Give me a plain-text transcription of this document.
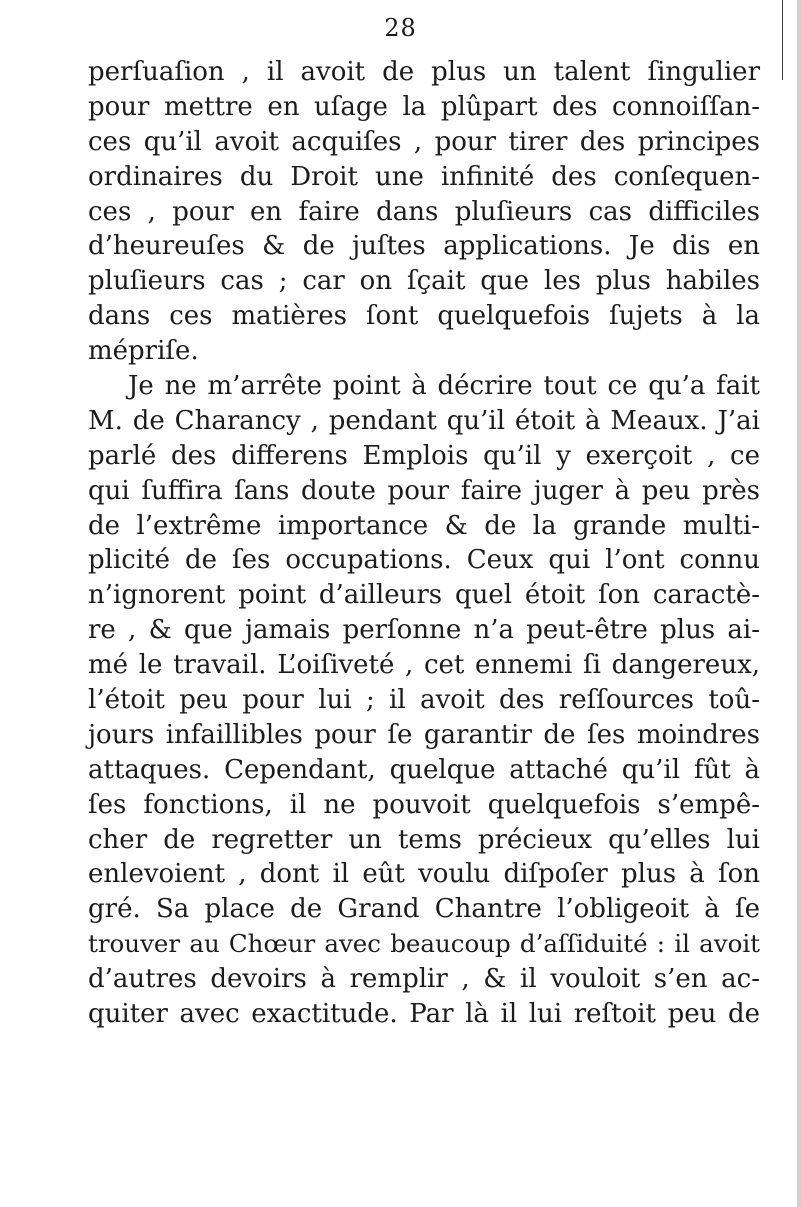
28
perſuaſion , il avoit de plus un talent ſingulier
pour mettre en uſage la plûpart des connoiſſan-
ces qu’il avoit acquiſes , pour tirer des principes
ordinaires du Droit une infinité des conſequen-
ces , pour en faire dans pluſieurs cas difficiles
d’heureuſes & de juſtes applications. Je dis en
pluſieurs cas ; car on ſçait que les plus habiles
dans ces matières ſont quelquefois ſujets à la
mépriſe.
Je ne m’arrête point à décrire tout ce qu’a fait
M. de Charancy , pendant qu’il étoit à Meaux. J’ai
parlé des differens Emplois qu’il y exerçoit , ce
qui ſuffira ſans doute pour faire juger à peu près
de l’extrême importance & de la grande multi-
plicité de ſes occupations. Ceux qui l’ont connu
n’ignorent point d’ailleurs quel étoit ſon caractè-
re , & que jamais perſonne n’a peut-être plus ai-
mé le travail. L’oiſiveté , cet ennemi ſi dangereux,
l’étoit peu pour lui ; il avoit des reſſources toû-
jours infaillibles pour ſe garantir de ſes moindres
attaques. Cependant, quelque attaché qu’il fût à
ſes fonctions, il ne pouvoit quelquefois s’empê-
cher de regretter un tems précieux qu’elles lui
enlevoient , dont il eût voulu diſpoſer plus à ſon
gré. Sa place de Grand Chantre l’obligeoit à ſe
trouver au Chœur avec beaucoup d’aſſiduité : il avoit
d’autres devoirs à remplir , & il vouloit s’en ac-
quiter avec exactitude. Par là il lui reſtoit peu de
